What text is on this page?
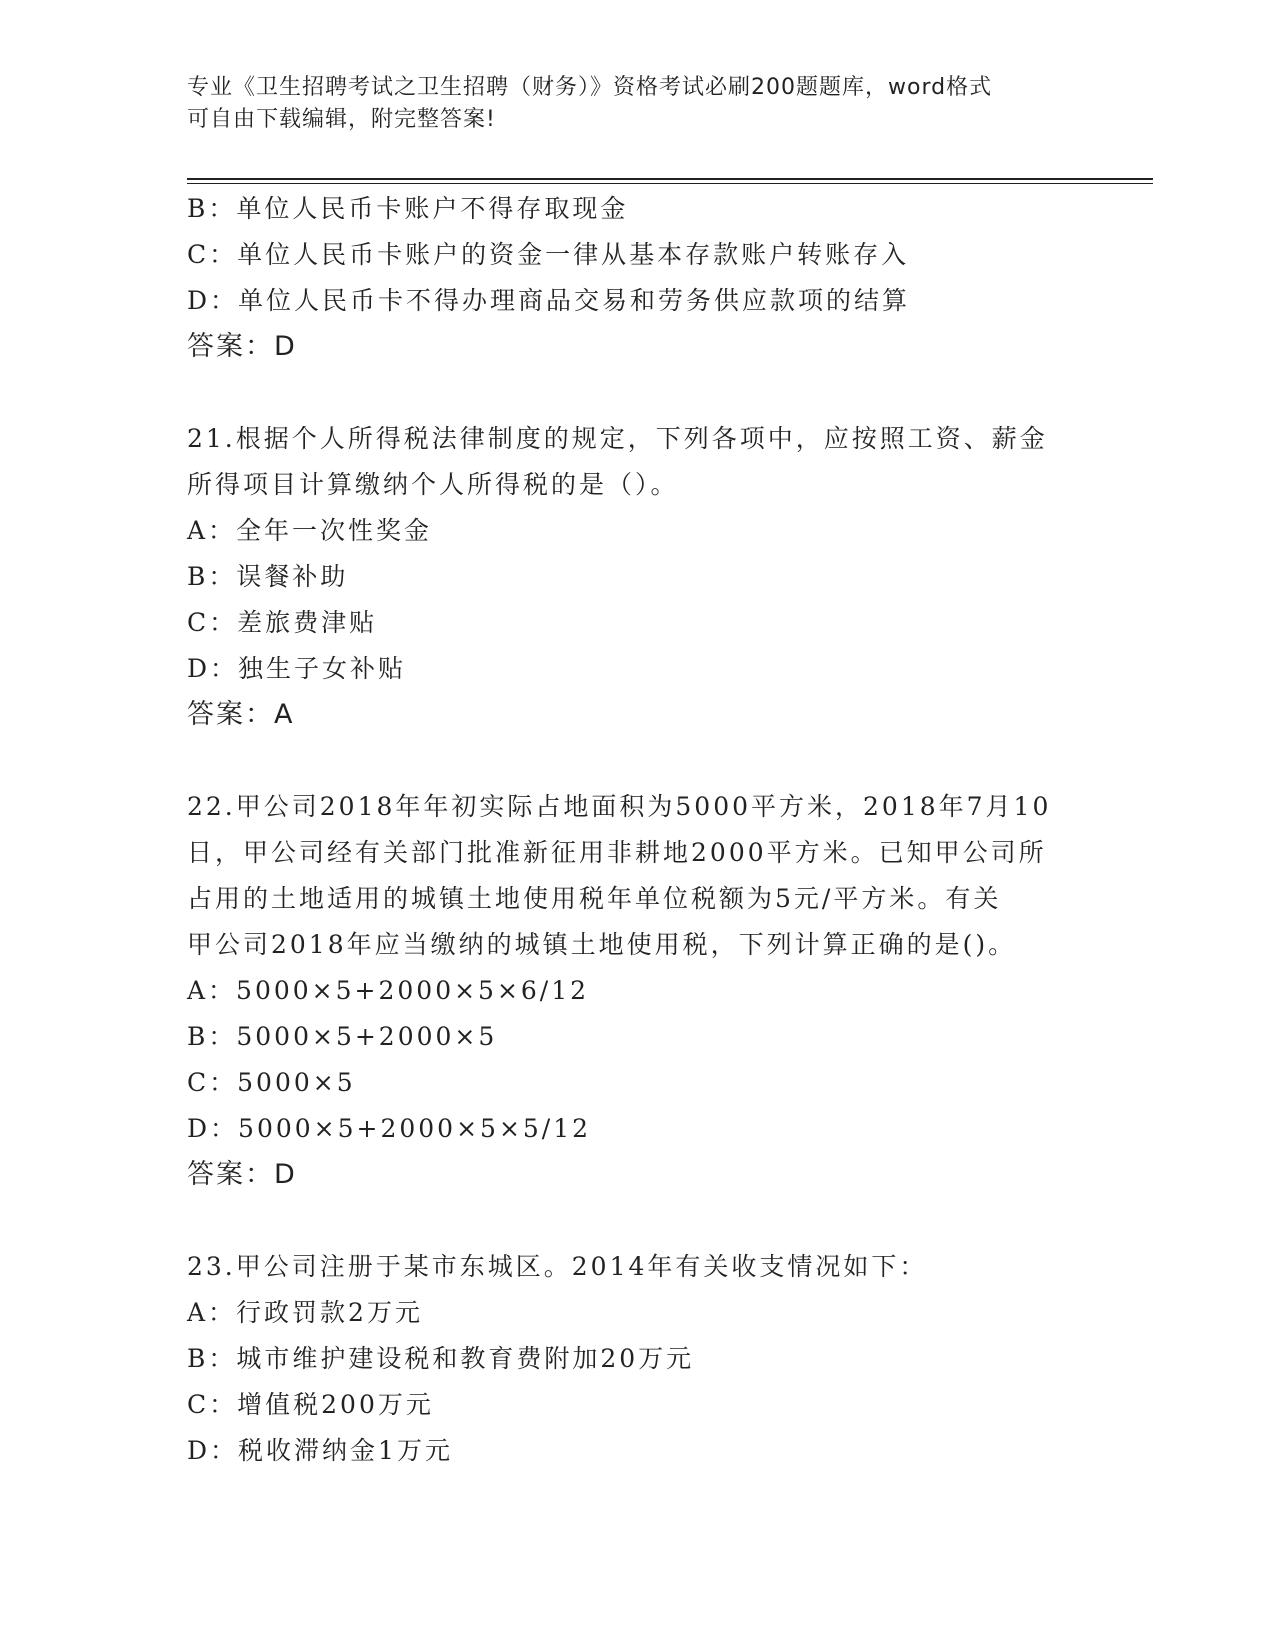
专业《卫生招聘考试之卫生招聘（财务）》资格考试必刷200题题库，word格式
可自由下载编辑，附完整答案!
B：单位人民币卡账户不得存取现金
C：单位人民币卡账户的资金一律从基本存款账户转账存入
D：单位人民币卡不得办理商品交易和劳务供应款项的结算
答案：D
21.根据个人所得税法律制度的规定，下列各项中，应按照工资、薪金
所得项目计算缴纳个人所得税的是（）。
A：全年一次性奖金
B：误餐补助
C：差旅费津贴
D：独生子女补贴
答案：A
22.甲公司2018年年初实际占地面积为5000平方米，2018年7月10
日，甲公司经有关部门批准新征用非耕地2000平方米。已知甲公司所
占用的土地适用的城镇土地使用税年单位税额为5元/平方米。有关
甲公司2018年应当缴纳的城镇土地使用税，下列计算正确的是()。
A：5000×5+2000×5×6/12
B：5000×5+2000×5
C：5000×5
D：5000×5+2000×5×5/12
答案：D
23.甲公司注册于某市东城区。2014年有关收支情况如下：
A：行政罚款2万元
B：城市维护建设税和教育费附加20万元
C：增值税200万元
D：税收滞纳金1万元
